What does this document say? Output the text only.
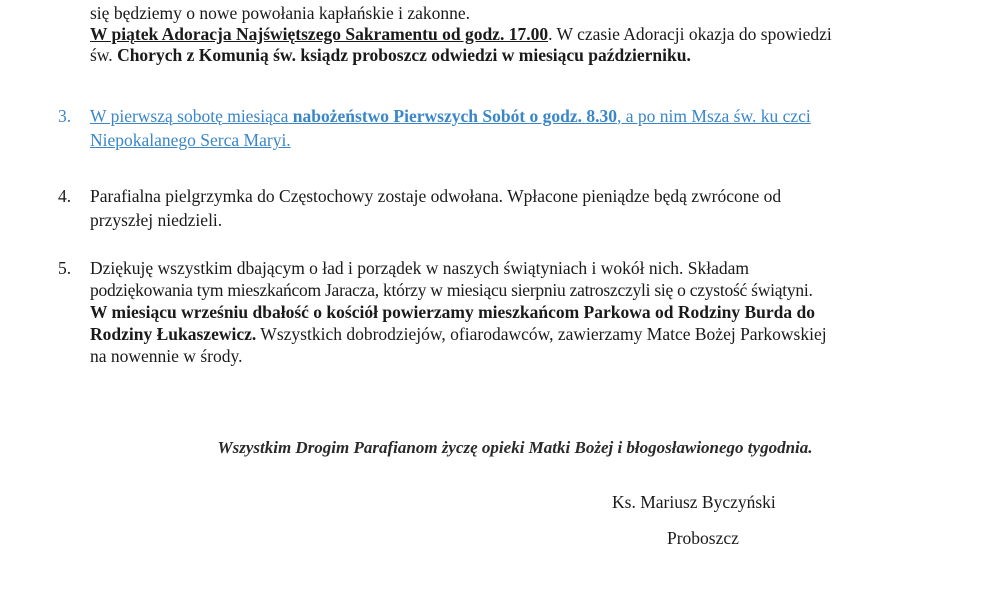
się będziemy o nowe powołania kapłańskie i zakonne.
W piątek Adoracja Najświętszego Sakramentu od godz. 17.00. W czasie Adoracji okazja do spowiedzi
św. Chorych z Komunią św. ksiądz proboszcz odwiedzi w miesiącu październiku.
3. W pierwszą sobotę miesiąca nabożeństwo Pierwszych Sobót o godz. 8.30, a po nim Msza św. ku czci
Niepokalanego Serca Maryi.
4. Parafialna pielgrzymka do Częstochowy zostaje odwołana. Wpłacone pieniądze będą zwrócone od
przyszłej niedzieli.
5. Dziękuję wszystkim dbającym o ład i porządek w naszych świątyniach i wokół nich. Składam
podziękowania tym mieszkańcom Jaracza, którzy w miesiącu sierpniu zatroszczyli się o czystość świątyni.
W miesiącu wrześniu dbałość o kościół powierzamy mieszkańcom Parkowa od Rodziny Burda do
Rodziny Łukaszewicz. Wszystkich dobrodziejów, ofiarodawców, zawierzamy Matce Bożej Parkowskiej
na nowennie w środy.
Wszystkim Drogim Parafianom życzę opieki Matki Bożej i błogosławionego tygodnia.
Ks. Mariusz Byczyński
Proboszcz
